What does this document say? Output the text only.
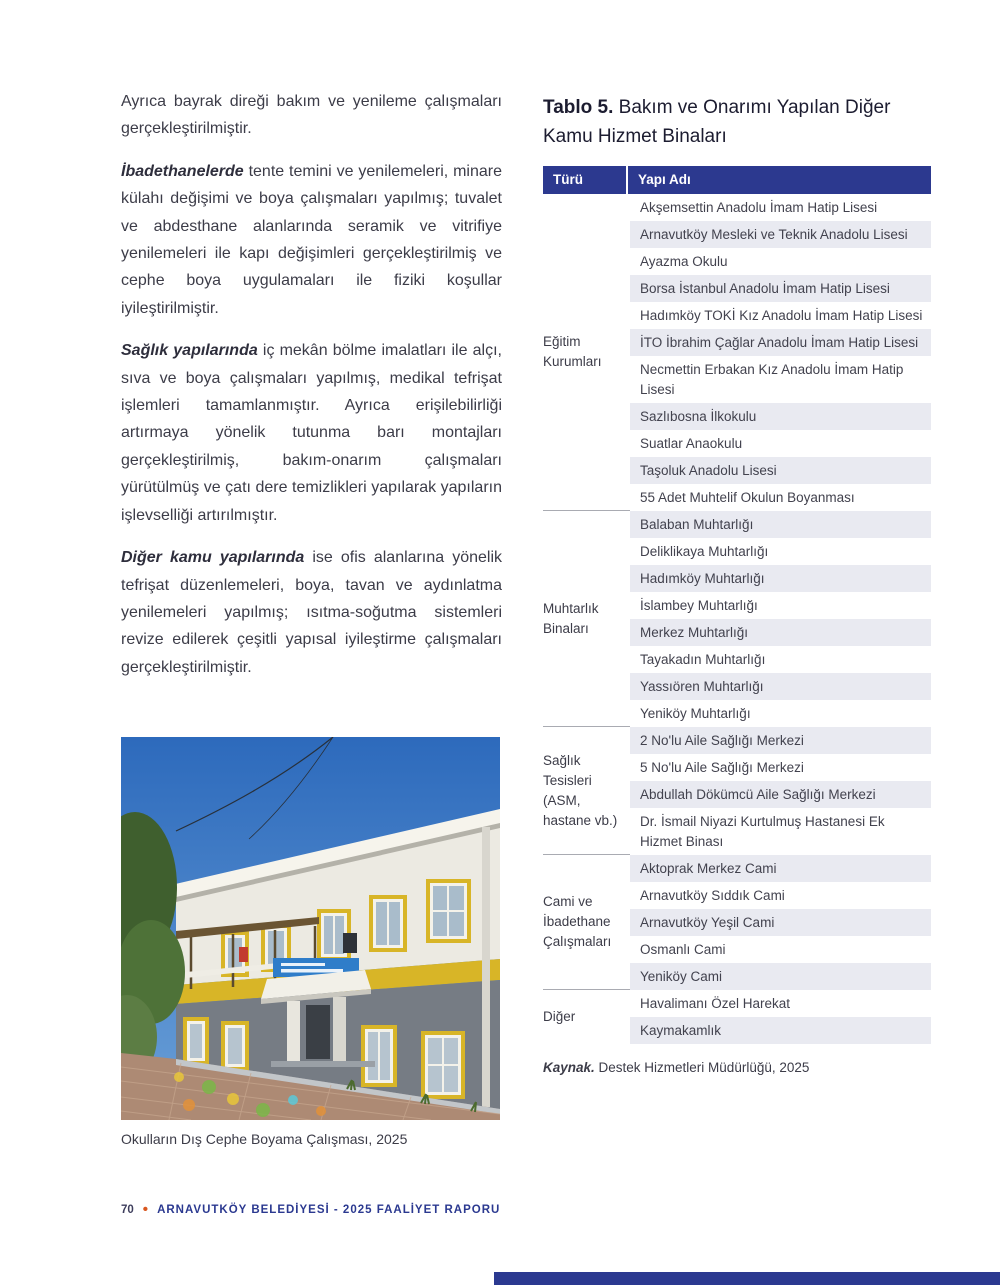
Ayrıca bayrak direği bakım ve yenileme çalışmaları gerçekleştirilmiştir.

İbadethanelerde tente temini ve yenilemeleri, minare külahı değişimi ve boya çalışmaları yapılmış; tuvalet ve abdesthane alanlarında seramik ve vitrifiye yenilemeleri ile kapı değişimleri gerçekleştirilmiş ve cephe boya uygulamaları ile fiziki koşullar iyileştirilmiştir.

Sağlık yapılarında iç mekân bölme imalatları ile alçı, sıva ve boya çalışmaları yapılmış, medikal tefrişat işlemleri tamamlanmıştır. Ayrıca erişilebilirliği artırmaya yönelik tutunma barı montajları gerçekleştirilmiş, bakım-onarım çalışmaları yürütülmüş ve çatı dere temizlikleri yapılarak yapıların işlevselliği artırılmıştır.

Diğer kamu yapılarında ise ofis alanlarına yönelik tefrişat düzenlemeleri, boya, tavan ve aydınlatma yenilemeleri yapılmış; ısıtma-soğutma sistemleri revize edilerek çeşitli yapısal iyileştirme çalışmaları gerçekleştirilmiştir.

Okulların Dış Cephe Boyama Çalışması, 2025
Tablo 5. Bakım ve Onarımı Yapılan Diğer Kamu Hizmet Binaları
Türü	Yapı Adı
Eğitim Kurumları
Akşemsettin Anadolu İmam Hatip Lisesi
Arnavutköy Mesleki ve Teknik Anadolu Lisesi
Ayazma Okulu
Borsa İstanbul Anadolu İmam Hatip Lisesi
Hadımköy TOKİ Kız Anadolu İmam Hatip Lisesi
İTO İbrahim Çağlar Anadolu İmam Hatip Lisesi
Necmettin Erbakan Kız Anadolu İmam Hatip Lisesi
Sazlıbosna İlkokulu
Suatlar Anaokulu
Taşoluk Anadolu Lisesi
55 Adet Muhtelif Okulun Boyanması
Muhtarlık Binaları
Balaban Muhtarlığı
Deliklikaya Muhtarlığı
Hadımköy Muhtarlığı
İslambey Muhtarlığı
Merkez Muhtarlığı
Tayakadın Muhtarlığı
Yassıören Muhtarlığı
Yeniköy Muhtarlığı
Sağlık Tesisleri (ASM, hastane vb.)
2 No'lu Aile Sağlığı Merkezi
5 No'lu Aile Sağlığı Merkezi
Abdullah Dökümcü Aile Sağlığı Merkezi
Dr. İsmail Niyazi Kurtulmuş Hastanesi Ek Hizmet Binası
Cami ve İbadethane Çalışmaları
Aktoprak Merkez Cami
Arnavutköy Sıddık Cami
Arnavutköy Yeşil Cami
Osmanlı Cami
Yeniköy Cami
Diğer
Havalimanı Özel Harekat
Kaymakamlık
Kaynak. Destek Hizmetleri Müdürlüğü, 2025
70 • ARNAVUTKÖY BELEDİYESİ - 2025 FAALİYET RAPORU
